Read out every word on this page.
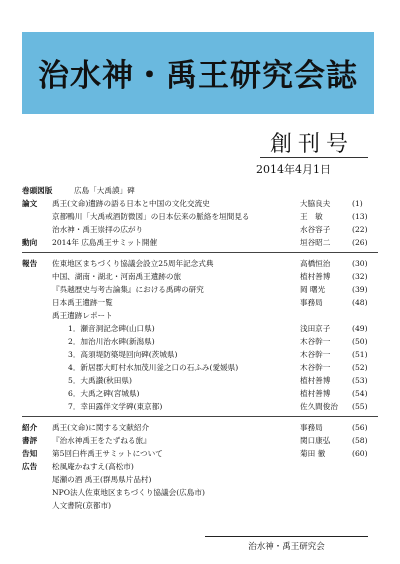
治水神・禹王研究会誌
創刊号
2014年4月1日
巻頭図版	広島「大禹謨」碑
論文 禹王(文命)遺跡の語る日本と中国の文化交流史	大脇良夫	(1)
京都鴨川「大禹戒酒防微図」の日本伝来の脈絡を垣間見る	王　敏	(13)
治水神・禹王崇拝の広がり	水谷容子	(22)
動向 2014年 広島禹王サミット開催	垣谷昭二	(26)
報告 佐東地区まちづくり協議会設立25周年記念式典	高橋恒治	(30)
中国、湖南・湖北・河南禹王遺跡の旅	植村善博	(32)
『呉越歴史与考古論集』における禹碑の研究	岡 曙光	(39)
日本禹王遺跡一覧	事務局	(48)
禹王遺跡レポート
1．瀬音洞記念碑(山口県)	浅田京子	(49)
2．加治川治水碑(新潟県)	木谷幹一	(50)
3．高須堤防築堤回向碑(茨城県)	木谷幹一	(51)
4．新居郡大町村水加茂川釜之口の石ふみ(愛媛県)	木谷幹一	(52)
5．大禹讃(秋田県)	植村善博	(53)
6．大禹之碑(宮城県)	植村善博	(54)
7．幸田露伴文学碑(東京都)	佐久間俊治 (55)
紹介 禹王(文命)に関する文献紹介	事務局	(56)
書評 『治水神禹王をたずねる旅』	関口康弘	(58)
告知 第5回臼杵禹王サミットについて	菊田 徹	(60)
広告 松風庵かねすえ(高松市)
尾瀬の酒 禹王(群馬県片品村)
NPO法人佐東地区まちづくり協議会(広島市)
人文書院(京都市)
治水神・禹王研究会
